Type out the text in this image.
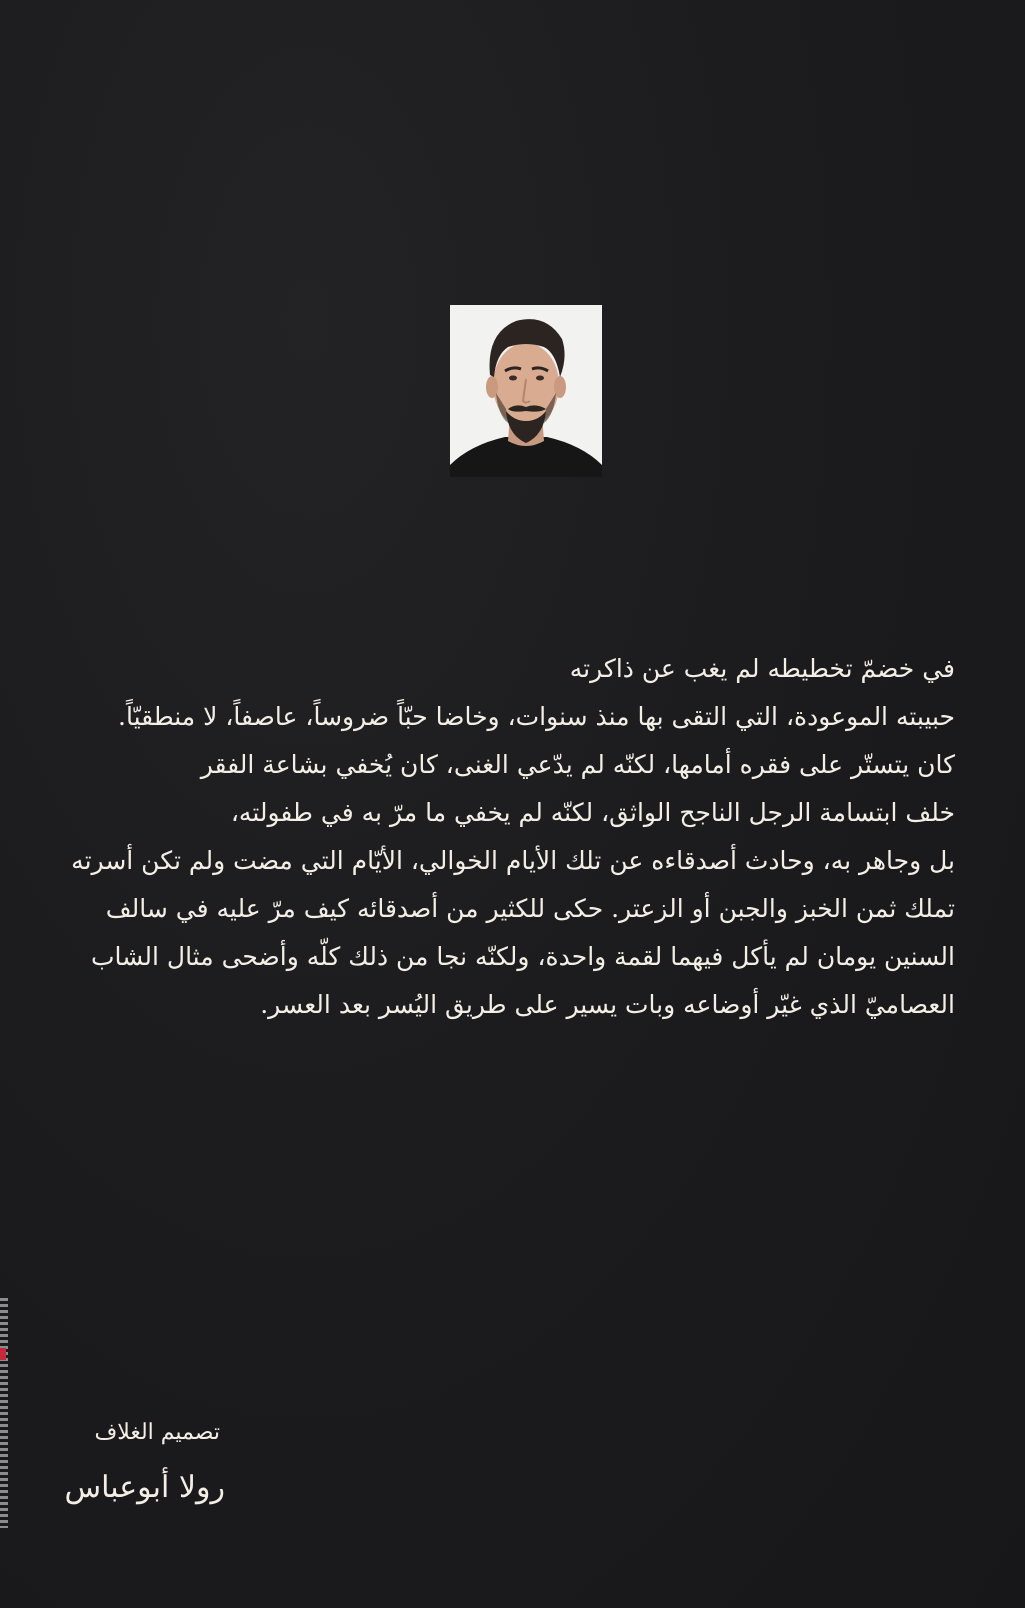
في خضمّ تخطيطه لم يغب عن ذاكرته
حبيبته الموعودة، التي التقى بها منذ سنوات، وخاضا حبّاً ضروساً، عاصفاً، لا منطقيّاً.
كان يتستّر على فقره أمامها، لكنّه لم يدّعي الغنى، كان يُخفي بشاعة الفقر
خلف ابتسامة الرجل الناجح الواثق، لكنّه لم يخفي ما مرّ به في طفولته،
بل وجاهر به، وحادث أصدقاءه عن تلك الأيام الخوالي، الأيّام التي مضت ولم تكن أسرته
تملك ثمن الخبز والجبن أو الزعتر. حكى للكثير من أصدقائه كيف مرّ عليه في سالف
السنين يومان لم يأكل فيهما لقمة واحدة، ولكنّه نجا من ذلك كلّه وأضحى مثال الشاب
العصاميّ الذي غيّر أوضاعه وبات يسير على طريق اليُسر بعد العسر.
تصميم الغلاف
رولا أبوعباس
